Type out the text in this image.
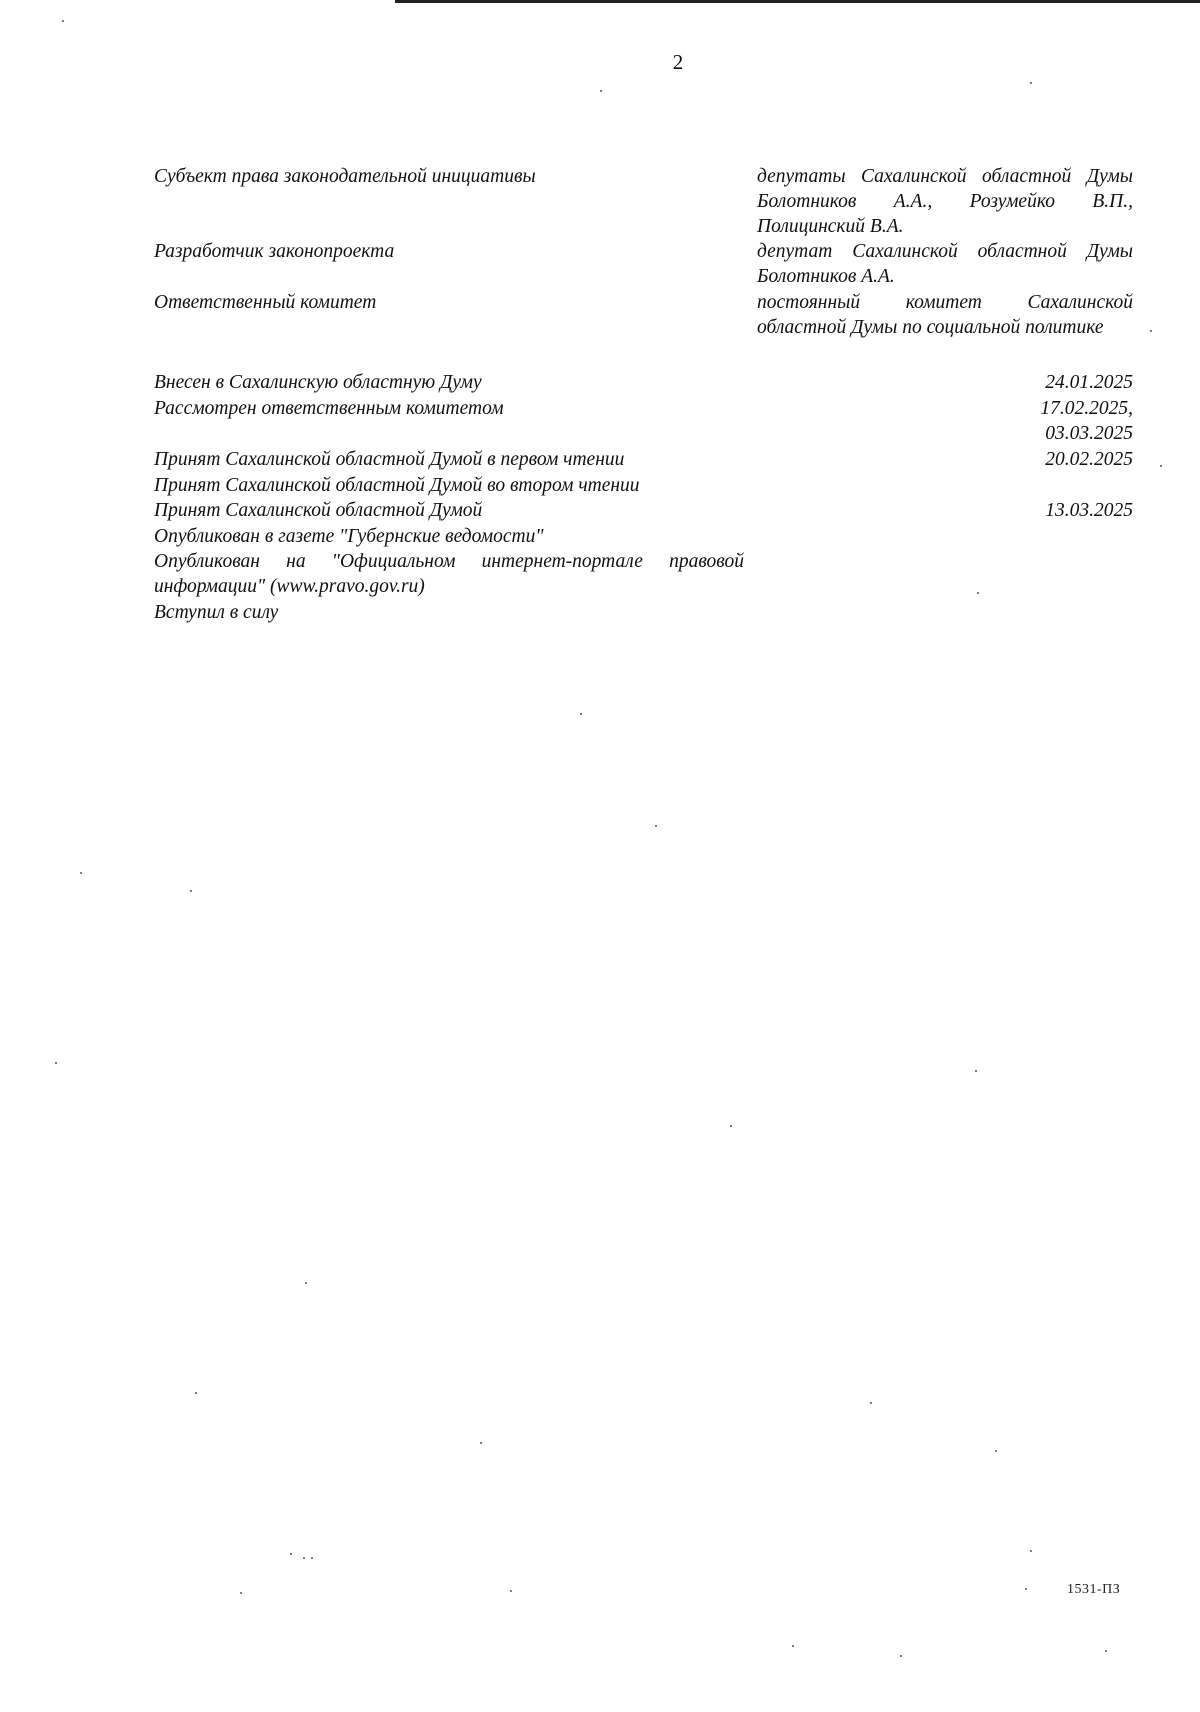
2
Субъект права законодательной инициативы	депутаты Сахалинской областной Думы Болотников А.А., Розумейко В.П., Полицинский В.А.
Разработчик законопроекта	депутат Сахалинской областной Думы Болотников А.А.
Ответственный комитет	постоянный комитет Сахалинской областной Думы по социальной политике
Внесен в Сахалинскую областную Думу	24.01.2025
Рассмотрен ответственным комитетом	17.02.2025,
03.03.2025
Принят Сахалинской областной Думой в первом чтении	20.02.2025
Принят Сахалинской областной Думой во втором чтении
Принят Сахалинской областной Думой	13.03.2025
Опубликован в газете "Губернские ведомости"
Опубликован на "Официальном интернет-портале правовой информации" (www.pravo.gov.ru)
Вступил в силу
1531-ПЗ
